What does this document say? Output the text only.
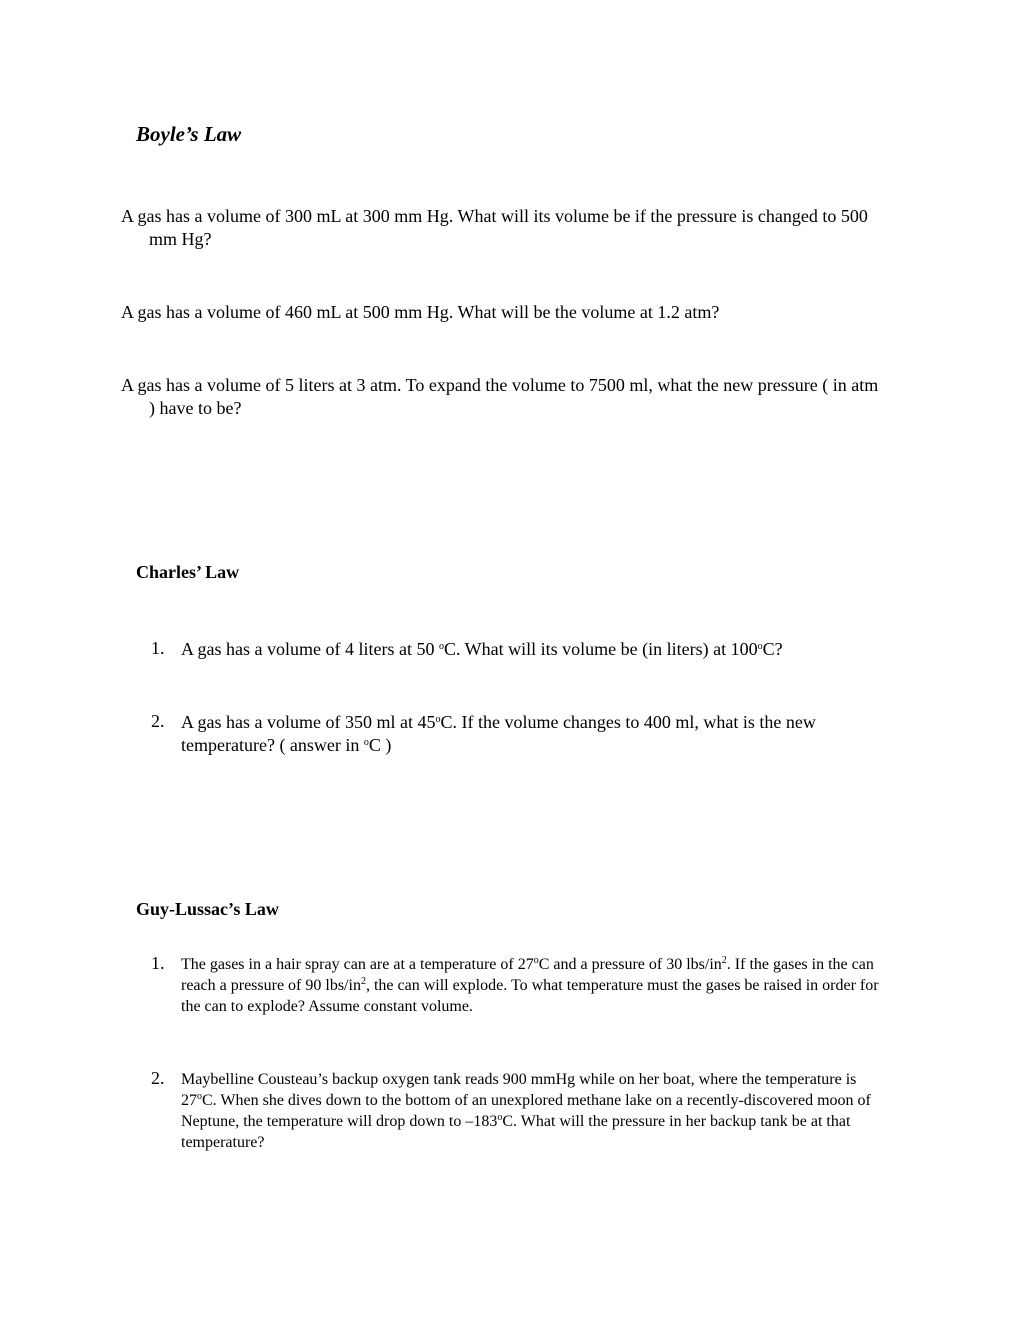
Boyle’s Law
A gas has a volume of 300 mL at 300 mm Hg. What will its volume be if the pressure is changed to 500 mm Hg?
A gas has a volume of 460 mL at 500 mm Hg. What will be the volume at 1.2 atm?
A gas has a volume of 5 liters at 3 atm. To expand the volume to 7500 ml, what the new pressure ( in atm ) have to be?
Charles’ Law
1. A gas has a volume of 4 liters at 50 $^o$C. What will its volume be (in liters) at 100$^o$C?
2. A gas has a volume of 350 ml at 45$^o$C. If the volume changes to 400 ml, what is the new temperature? ( answer in $^o$C )
Guy-Lussac’s Law
1. The gases in a hair spray can are at a temperature of 27$^o$C and a pressure of 30 lbs/$in^2$. If the gases in the can reach a pressure of 90 lbs/$in^2$, the can will explode. To what temperature must the gases be raised in order for the can to explode? Assume constant volume.
2. Maybelline Cousteau’s backup oxygen tank reads 900 mmHg while on her boat, where the temperature is 27$^o$C. When she dives down to the bottom of an unexplored methane lake on a recently-discovered moon of Neptune, the temperature will drop down to –183$^o$C. What will the pressure in her backup tank be at that temperature?
